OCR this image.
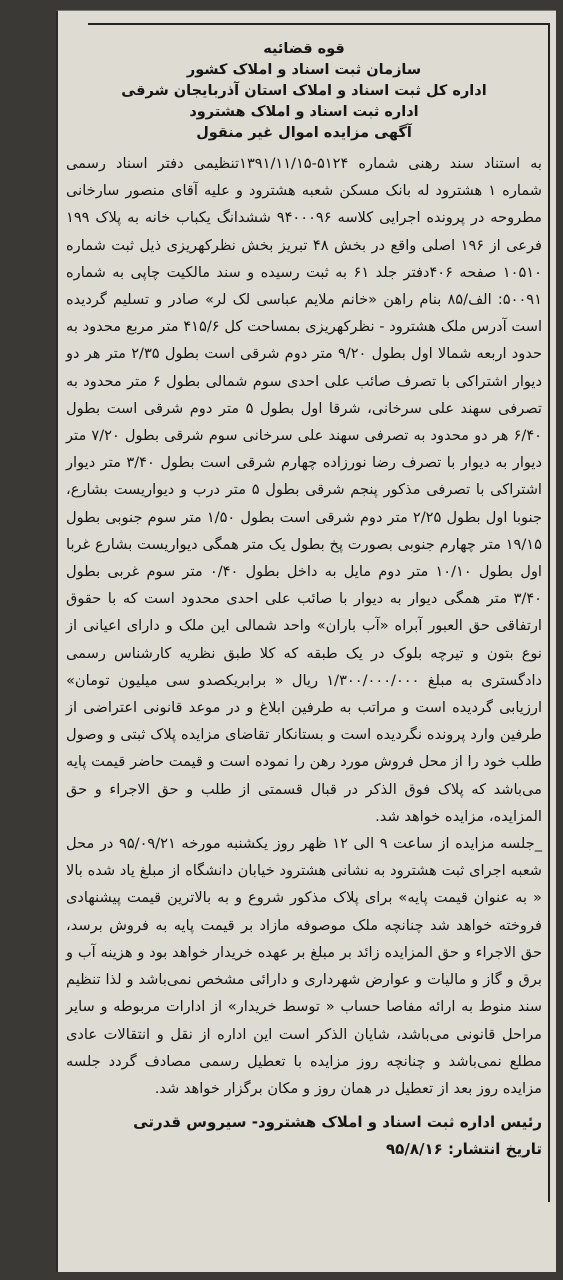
قوه قضائیه

سازمان ثبت اسناد و املاک کشور

اداره کل ثبت اسناد و املاک استان آذربایجان شرقی

اداره ثبت اسناد و املاک هشترود

آگهی مزایده اموال غیر منقول

به استناد سند رهنی شماره ۵۱۲۴-۱۳۹۱/۱۱/۱۵تنظیمی دفتر اسناد رسمی شماره ۱ هشترود له بانک مسکن شعبه هشترود و علیه آقای منصور سارخانی مطروحه در پرونده اجرایی کلاسه ۹۴۰۰۰۹۶ ششدانگ یکباب خانه به پلاک ۱۹۹ فرعی از ۱۹۶ اصلی واقع در بخش ۴۸ تبریز بخش نظرکهریزی ذیل ثبت شماره ۱۰۵۱۰ صفحه ۴۰۶دفتر جلد ۶۱ به ثبت رسیده و سند مالکیت چاپی به شماره ۵۰۰۹۱: الف/۸۵ بنام راهن «خانم ملایم عباسی لک لر» صادر و تسلیم گردیده است آدرس ملک هشترود - نظرکهریزی بمساحت کل ۴۱۵/۶ متر مربع محدود به حدود اربعه شمالا اول بطول ۹/۲۰ متر دوم شرقی است بطول ۲/۳۵ متر هر دو دیوار اشتراکی با تصرف صائب علی احدی سوم شمالی بطول ۶ متر محدود به تصرفی سهند علی سرخانی، شرقا اول بطول ۵ متر دوم شرقی است بطول ۶/۴۰ هر دو محدود به تصرفی سهند علی سرخانی سوم شرقی بطول ۷/۲۰ متر دیوار به دیوار با تصرف رضا نورزاده چهارم شرقی است بطول ۳/۴۰ متر دیوار اشتراکی با تصرفی مذکور پنجم شرقی بطول ۵ متر درب و دیواریست بشارع، جنوبا اول بطول ۲/۲۵ متر دوم شرقی است بطول ۱/۵۰ متر سوم جنوبی بطول ۱۹/۱۵ متر چهارم جنوبی بصورت پخ بطول یک متر همگی دیواریست بشارع غربا اول بطول ۱۰/۱۰ متر دوم مایل به داخل بطول ۰/۴۰ متر سوم غربی بطول ۳/۴۰ متر همگی دیوار به دیوار با صائب علی احدی محدود است که با حقوق ارتفاقی حق العبور آبراه «آب باران» واحد شمالی این ملک و دارای اعیانی از نوع بتون و تیرچه بلوک در یک طبقه که کلا طبق نظریه کارشناس رسمی دادگستری به مبلغ ۱/۳۰۰/۰۰۰/۰۰۰ ریال « برابریکصدو سی میلیون تومان» ارزیابی گردیده است و مراتب به طرفین ابلاغ و در موعد قانونی اعتراضی از طرفین وارد پرونده نگردیده است و بستانکار تقاضای مزایده پلاک ثبتی و وصول طلب خود را از محل فروش مورد رهن را نموده است و قیمت حاضر قیمت پایه می‌باشد که پلاک فوق الذکر در قبال قسمتی از طلب و حق الاجراء و حق المزایده، مزایده خواهد شد.

_جلسه مزایده از ساعت ۹ الی ۱۲ ظهر روز یکشنبه مورخه ۹۵/۰۹/۲۱ در محل شعبه اجرای ثبت هشترود به نشانی هشترود خیابان دانشگاه از مبلغ یاد شده بالا « به عنوان قیمت پایه» برای پلاک مذکور شروع و به بالاترین قیمت پیشنهادی فروخته خواهد شد چنانچه ملک موصوفه مازاد بر قیمت پایه به فروش برسد، حق الاجراء و حق المزایده زائد بر مبلغ بر عهده خریدار خواهد بود و هزینه آب و برق و گاز و مالیات و عوارض شهرداری و دارائی مشخص نمی‌باشد و لذا تنظیم سند منوط به ارائه مفاصا حساب « توسط خریدار» از ادارات مربوطه و سایر مراحل قانونی می‌باشد، شایان الذکر است این اداره از نقل و انتقالات عادی مطلع نمی‌باشد و چنانچه روز مزایده با تعطیل رسمی مصادف گردد جلسه مزایده روز بعد از تعطیل در همان روز و مکان برگزار خواهد شد.

رئیس اداره ثبت اسناد و املاک هشترود- سیروس قدرتی

تاریخ انتشار: ۹۵/۸/۱۶
